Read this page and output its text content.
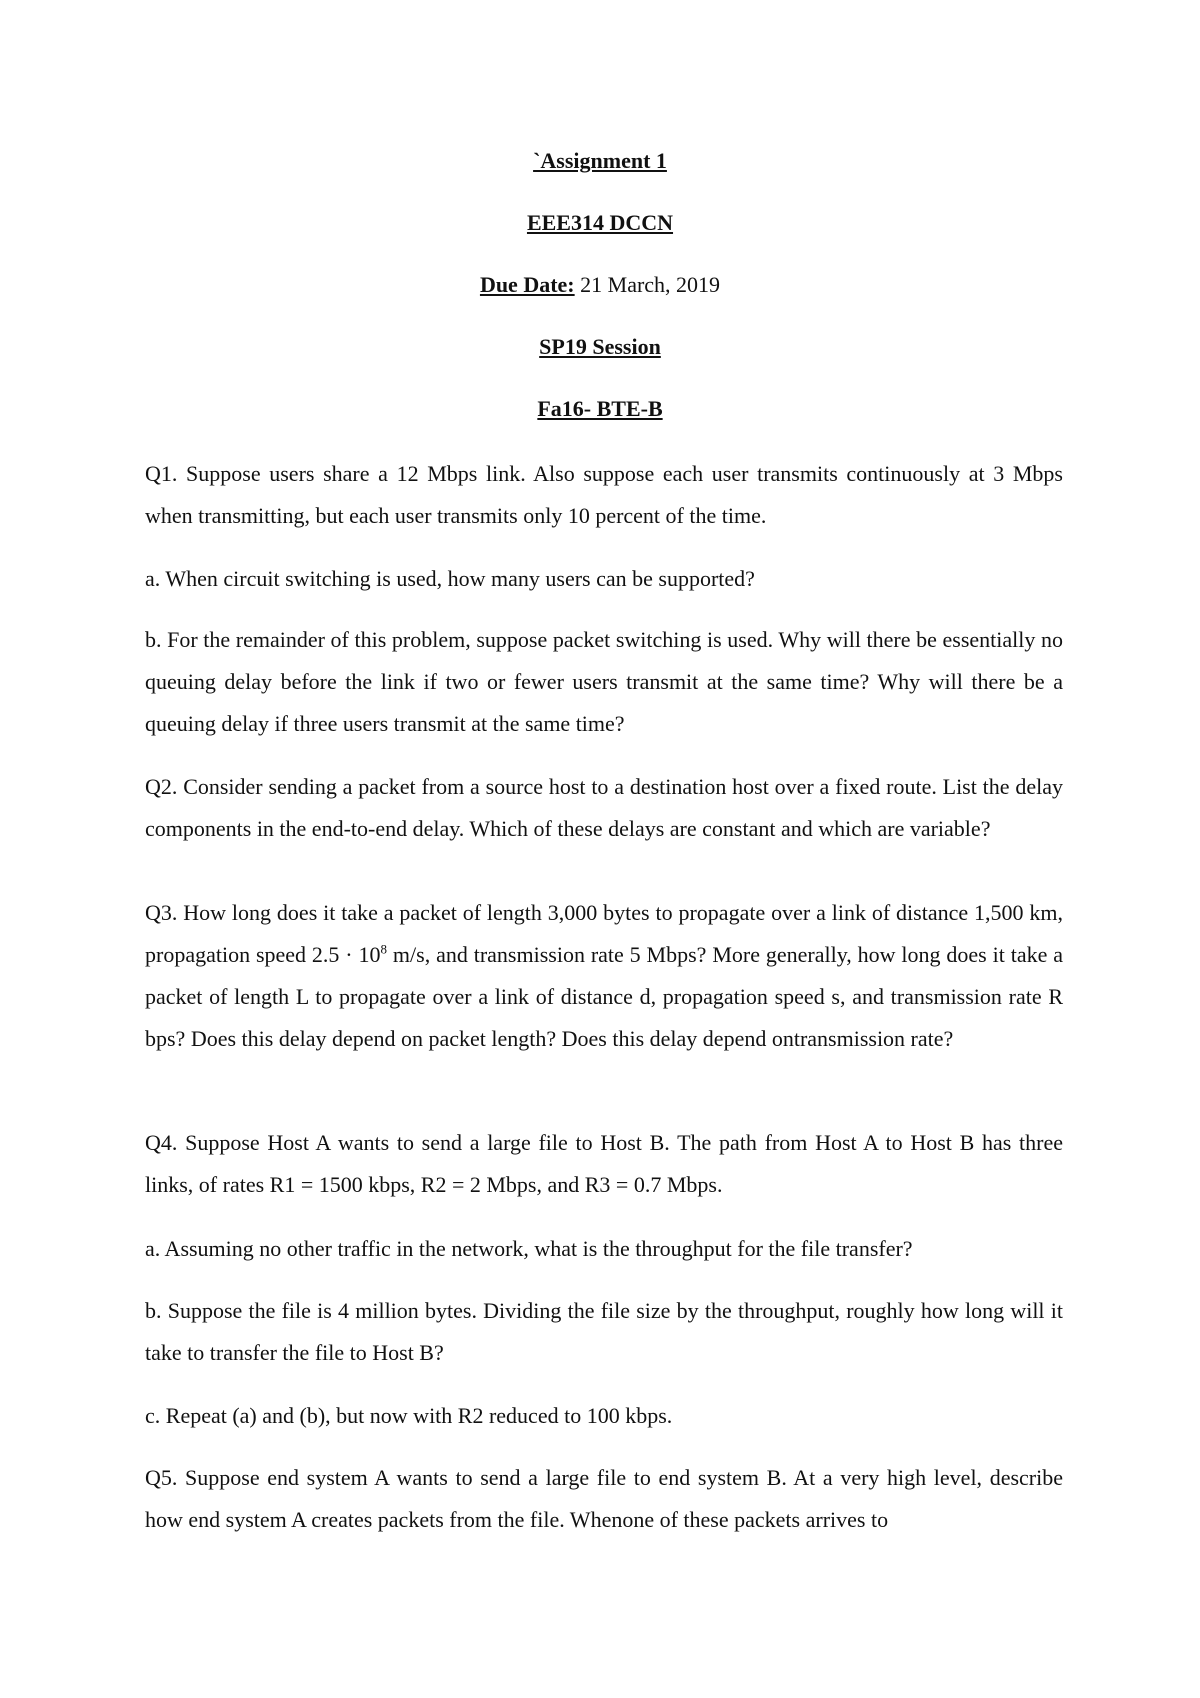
`Assignment 1

EEE314 DCCN

Due Date: 21 March, 2019

SP19 Session

Fa16- BTE-B

Q1. Suppose users share a 12 Mbps link. Also suppose each user transmits continuously at 3 Mbps when transmitting, but each user transmits only 10 percent of the time.

a. When circuit switching is used, how many users can be supported?

b. For the remainder of this problem, suppose packet switching is used. Why will there be essentially no queuing delay before the link if two or fewer users transmit at the same time? Why will there be a queuing delay if three users transmit at the same time?

Q2. Consider sending a packet from a source host to a destination host over a fixed route. List the delay components in the end-to-end delay. Which of these delays are constant and which are variable?

Q3. How long does it take a packet of length 3,000 bytes to propagate over a link of distance 1,500 km, propagation speed $2.5 \cdot 10^8$ m/s, and transmission rate 5 Mbps? More generally, how long does it take a packet of length L to propagate over a link of distance d, propagation speed s, and transmission rate R bps? Does this delay depend on packet length? Does this delay depend ontransmission rate?

Q4. Suppose Host A wants to send a large file to Host B. The path from Host A to Host B has three links, of rates R1 = 1500 kbps, R2 = 2 Mbps, and R3 = 0.7 Mbps.

a. Assuming no other traffic in the network, what is the throughput for the file transfer?

b. Suppose the file is 4 million bytes. Dividing the file size by the throughput, roughly how long will it take to transfer the file to Host B?

c. Repeat (a) and (b), but now with R2 reduced to 100 kbps.

Q5. Suppose end system A wants to send a large file to end system B. At a very high level, describe how end system A creates packets from the file. Whenone of these packets arrives to
